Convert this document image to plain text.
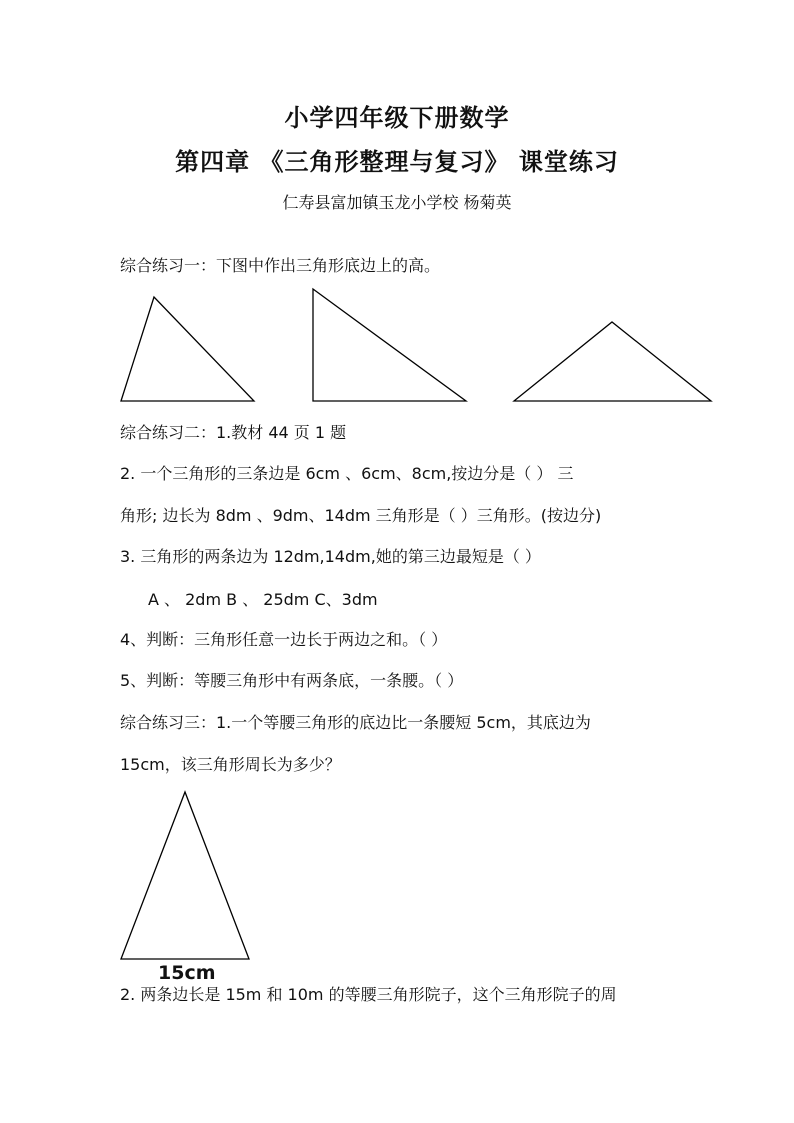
小学四年级下册数学
第四章 《三角形整理与复习》 课堂练习
仁寿县富加镇玉龙小学校 杨菊英
综合练习一：下图中作出三角形底边上的高。
综合练习二：1.教材 44 页 1 题
2. 一个三角形的三条边是 6cm 、6cm、8cm,按边分是（ ） 三
角形; 边长为 8dm 、9dm、14dm 三角形是（ ）三角形。(按边分)
3. 三角形的两条边为 12dm,14dm,她的第三边最短是（ ）
A 、 2dm B 、 25dm C、3dm
4、判断：三角形任意一边长于两边之和。（ ）
5、判断：等腰三角形中有两条底，一条腰。（ ）
综合练习三：1.一个等腰三角形的底边比一条腰短 5cm，其底边为
15cm，该三角形周长为多少？
15cm
2. 两条边长是 15m 和 10m 的等腰三角形院子，这个三角形院子的周
